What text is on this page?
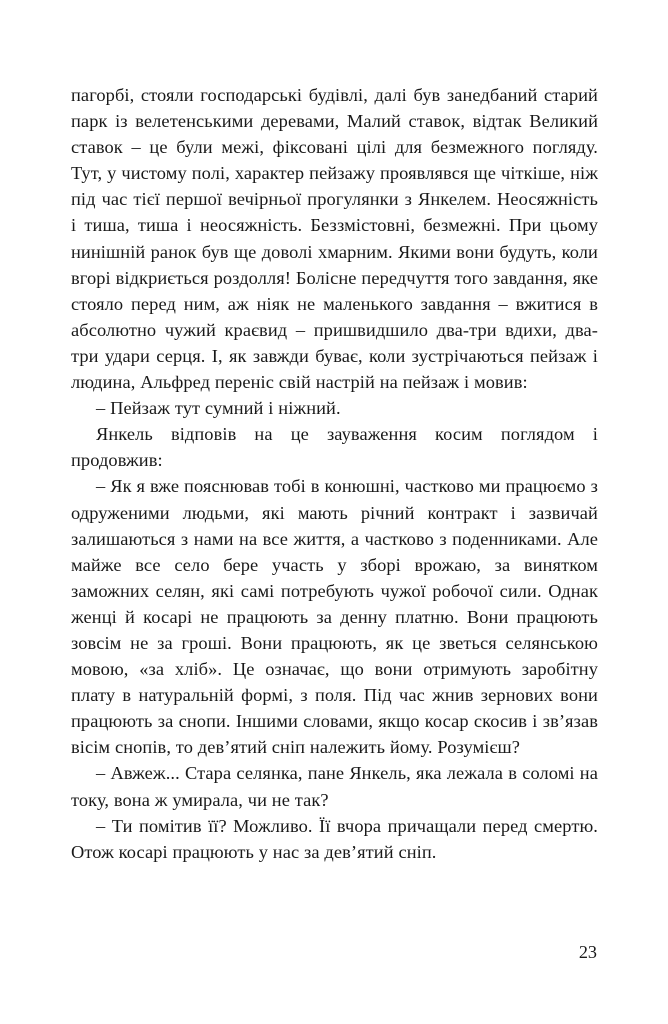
пагорбі, стояли господарські будівлі, далі був занедбаний старий парк із велетенськими деревами, Малий ставок, відтак Великий ставок – це були межі, фіксовані цілі для безмежного погляду. Тут, у чистому полі, характер пейзажу проявлявся ще чіткіше, ніж під час тієї першої вечірньої прогулянки з Янкелем. Неосяжність і тиша, тиша і неосяжність. Беззмістовні, безмежні. При цьому нинішній ранок був ще доволі хмарним. Якими вони будуть, коли вгорі відкриється роздолля! Болісне передчуття того завдання, яке стояло перед ним, аж ніяк не маленького завдання – вжитися в абсолютно чужий краєвид – пришвидшило два-три вдихи, два-три удари серця. І, як завжди буває, коли зустрічаються пейзаж і людина, Альфред переніс свій настрій на пейзаж і мовив:

– Пейзаж тут сумний і ніжний.

Янкель відповів на це зауваження косим поглядом і продовжив:

– Як я вже пояснював тобі в конюшні, частково ми працюємо з одруженими людьми, які мають річний контракт і зазвичай залишаються з нами на все життя, а частково з поденниками. Але майже все село бере участь у зборі врожаю, за винятком заможних селян, які самі потребують чужої робочої сили. Однак женці й косарі не працюють за денну платню. Вони працюють зовсім не за гроші. Вони працюють, як це зветься селянською мовою, «за хліб». Це означає, що вони отримують заробітну плату в натуральній формі, з поля. Під час жнив зернових вони працюють за снопи. Іншими словами, якщо косар скосив і зв’язав вісім снопів, то дев’ятий сніп належить йому. Розумієш?

– Авжеж... Стара селянка, пане Янкель, яка лежала в соломі на току, вона ж умирала, чи не так?

– Ти помітив її? Можливо. Її вчора причащали перед смертю. Отож косарі працюють у нас за дев’ятий сніп.

23
